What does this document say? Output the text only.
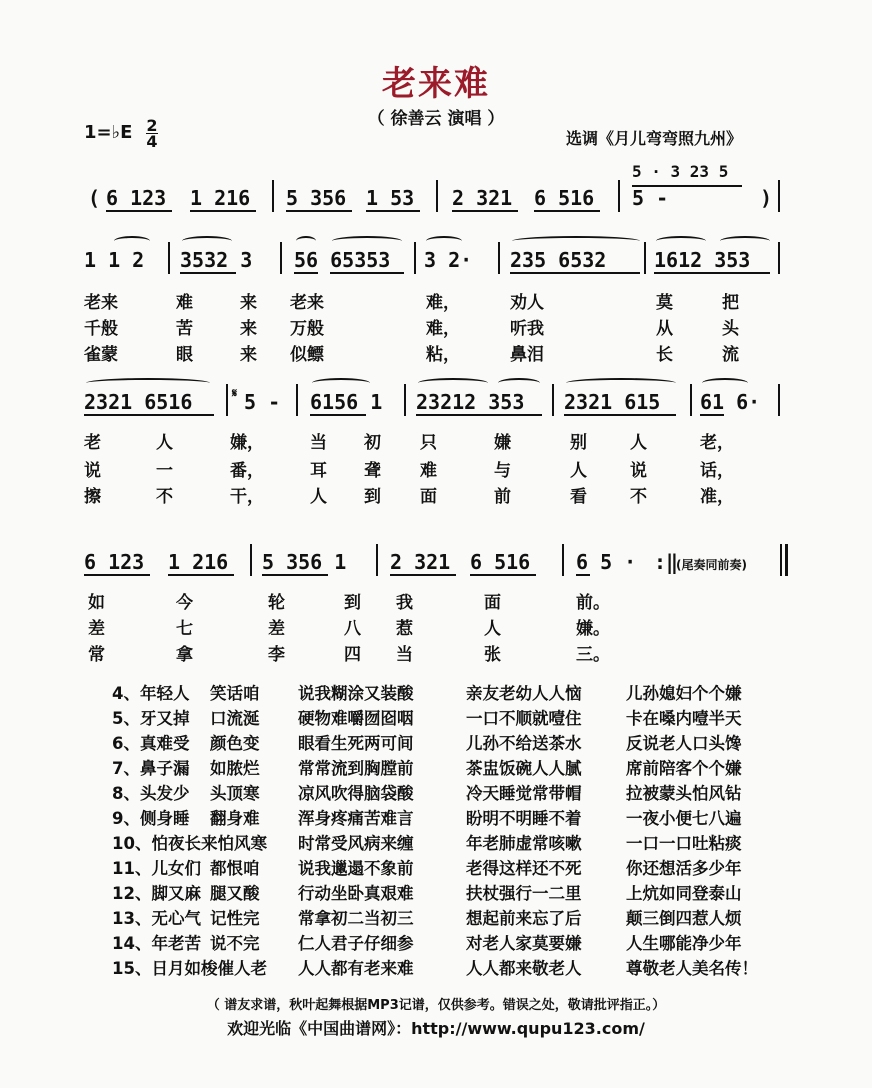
老来难
（ 徐善云 演唱 ）
1=♭E 2
4	选调《月儿弯弯照九州》
( 6 123 1 216 5 356 1 53 2 321 6 516 5 -	)
5 · 3 23 5
1 1 2 3532 3 56 65353 3 2· 235 6532 1612 353
老来	难	来 老来	难，	劝人	莫	把
千般	苦	来 万般	难，	听我	从	头
雀蒙	眼	来 似鳔	粘，	鼻泪	长	流
2321 6516	5 - 6156 1 23212 353 2321 615 61 6·
𝄋
老	人	嫌，	当 初 只	嫌	别	人	老，
说	一	番，	耳 聋 难	与	人	说	话，
擦	不	干，	人 到 面	前	看	不	准，
6 123 1 216 5 356 1 2 321 6 516 6 5 · :‖
(尾奏同前奏)
如	今	轮	到 我	面	前。
差	七	差	八 惹	人	嫌。
常	拿	李	四 当	张	三。
4、年轻人 笑话咱 说我糊涂又装酸	亲友老幼人人恼	儿孙媳妇个个嫌
5、牙又掉 口流涎 硬物难嚼囫囵咽	一口不顺就噎住	卡在嗓内噎半天
6、真难受 颜色变 眼看生死两可间	儿孙不给送茶水	反说老人口头馋
7、鼻子漏 如脓烂 常常流到胸膛前	茶盅饭碗人人腻	席前陪客个个嫌
8、头发少 头顶寒 凉风吹得脑袋酸	冷天睡觉常带帽	拉被蒙头怕风钻
9、侧身睡 翻身难 浑身疼痛苦难言	盼明不明睡不着	一夜小便七八遍
10、怕夜长来怕风寒 时常受风病来缠	年老肺虚常咳嗽	一口一口吐粘痰
11、儿女们 都恨咱 说我邋遢不象前	老得这样还不死	你还想活多少年
12、脚又麻 腿又酸 行动坐卧真艰难	扶杖强行一二里	上炕如同登泰山
13、无心气 记性完 常拿初二当初三	想起前来忘了后	颠三倒四惹人烦
14、年老苦 说不完 仁人君子仔细参	对老人家莫要嫌	人生哪能净少年
15、日月如梭催人老 人人都有老来难	人人都来敬老人	尊敬老人美名传！
（ 谱友求谱，秋叶起舞根据MP3记谱，仅供参考。错误之处，敬请批评指正。）
欢迎光临《中国曲谱网》：http://www.qupu123.com/
